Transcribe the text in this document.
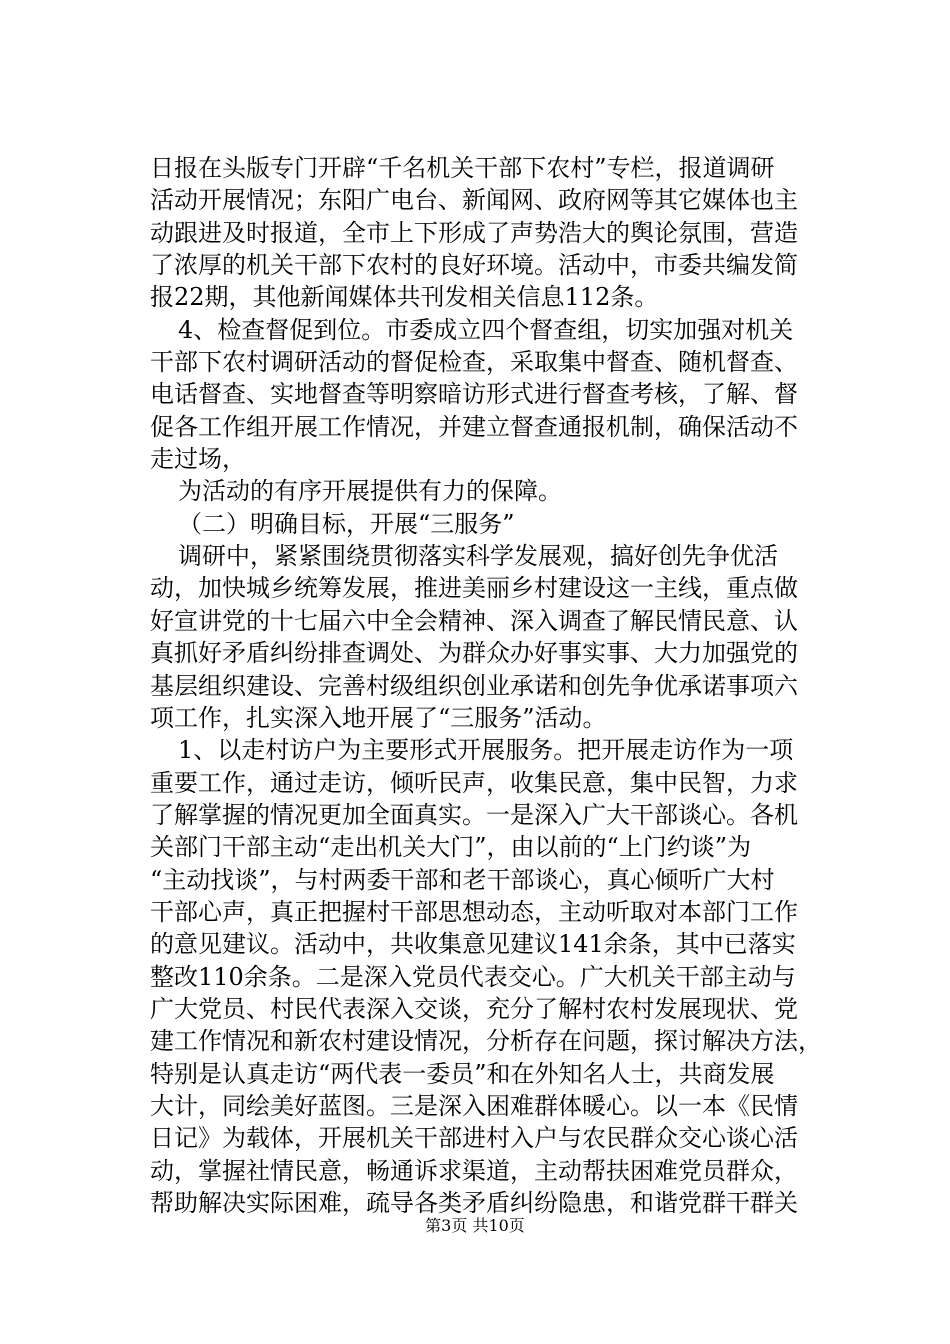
日报在头版专门开辟“千名机关干部下农村”专栏，报道调研
活动开展情况；东阳广电台、新闻网、政府网等其它媒体也主
动跟进及时报道，全市上下形成了声势浩大的舆论氛围，营造
了浓厚的机关干部下农村的良好环境。活动中，市委共编发简
报22期，其他新闻媒体共刊发相关信息112条。
4、检查督促到位。市委成立四个督查组，切实加强对机关
干部下农村调研活动的督促检查，采取集中督查、随机督查、
电话督查、实地督查等明察暗访形式进行督查考核，了解、督
促各工作组开展工作情况，并建立督查通报机制，确保活动不
走过场，
为活动的有序开展提供有力的保障。
（二）明确目标，开展“三服务”
调研中，紧紧围绕贯彻落实科学发展观，搞好创先争优活
动，加快城乡统筹发展，推进美丽乡村建设这一主线，重点做
好宣讲党的十七届六中全会精神、深入调查了解民情民意、认
真抓好矛盾纠纷排查调处、为群众办好事实事、大力加强党的
基层组织建设、完善村级组织创业承诺和创先争优承诺事项六
项工作，扎实深入地开展了“三服务”活动。
1、以走村访户为主要形式开展服务。把开展走访作为一项
重要工作，通过走访，倾听民声，收集民意，集中民智，力求
了解掌握的情况更加全面真实。一是深入广大干部谈心。各机
关部门干部主动“走出机关大门”，由以前的“上门约谈”为
“主动找谈”，与村两委干部和老干部谈心，真心倾听广大村
干部心声，真正把握村干部思想动态，主动听取对本部门工作
的意见建议。活动中，共收集意见建议141余条，其中已落实
整改110余条。二是深入党员代表交心。广大机关干部主动与
广大党员、村民代表深入交谈，充分了解村农村发展现状、党
建工作情况和新农村建设情况，分析存在问题，探讨解决方法，
特别是认真走访“两代表一委员”和在外知名人士，共商发展
大计，同绘美好蓝图。三是深入困难群体暖心。以一本《民情
日记》为载体，开展机关干部进村入户与农民群众交心谈心活
动，掌握社情民意，畅通诉求渠道，主动帮扶困难党员群众，
帮助解决实际困难，疏导各类矛盾纠纷隐患，和谐党群干群关
第3页 共10页
